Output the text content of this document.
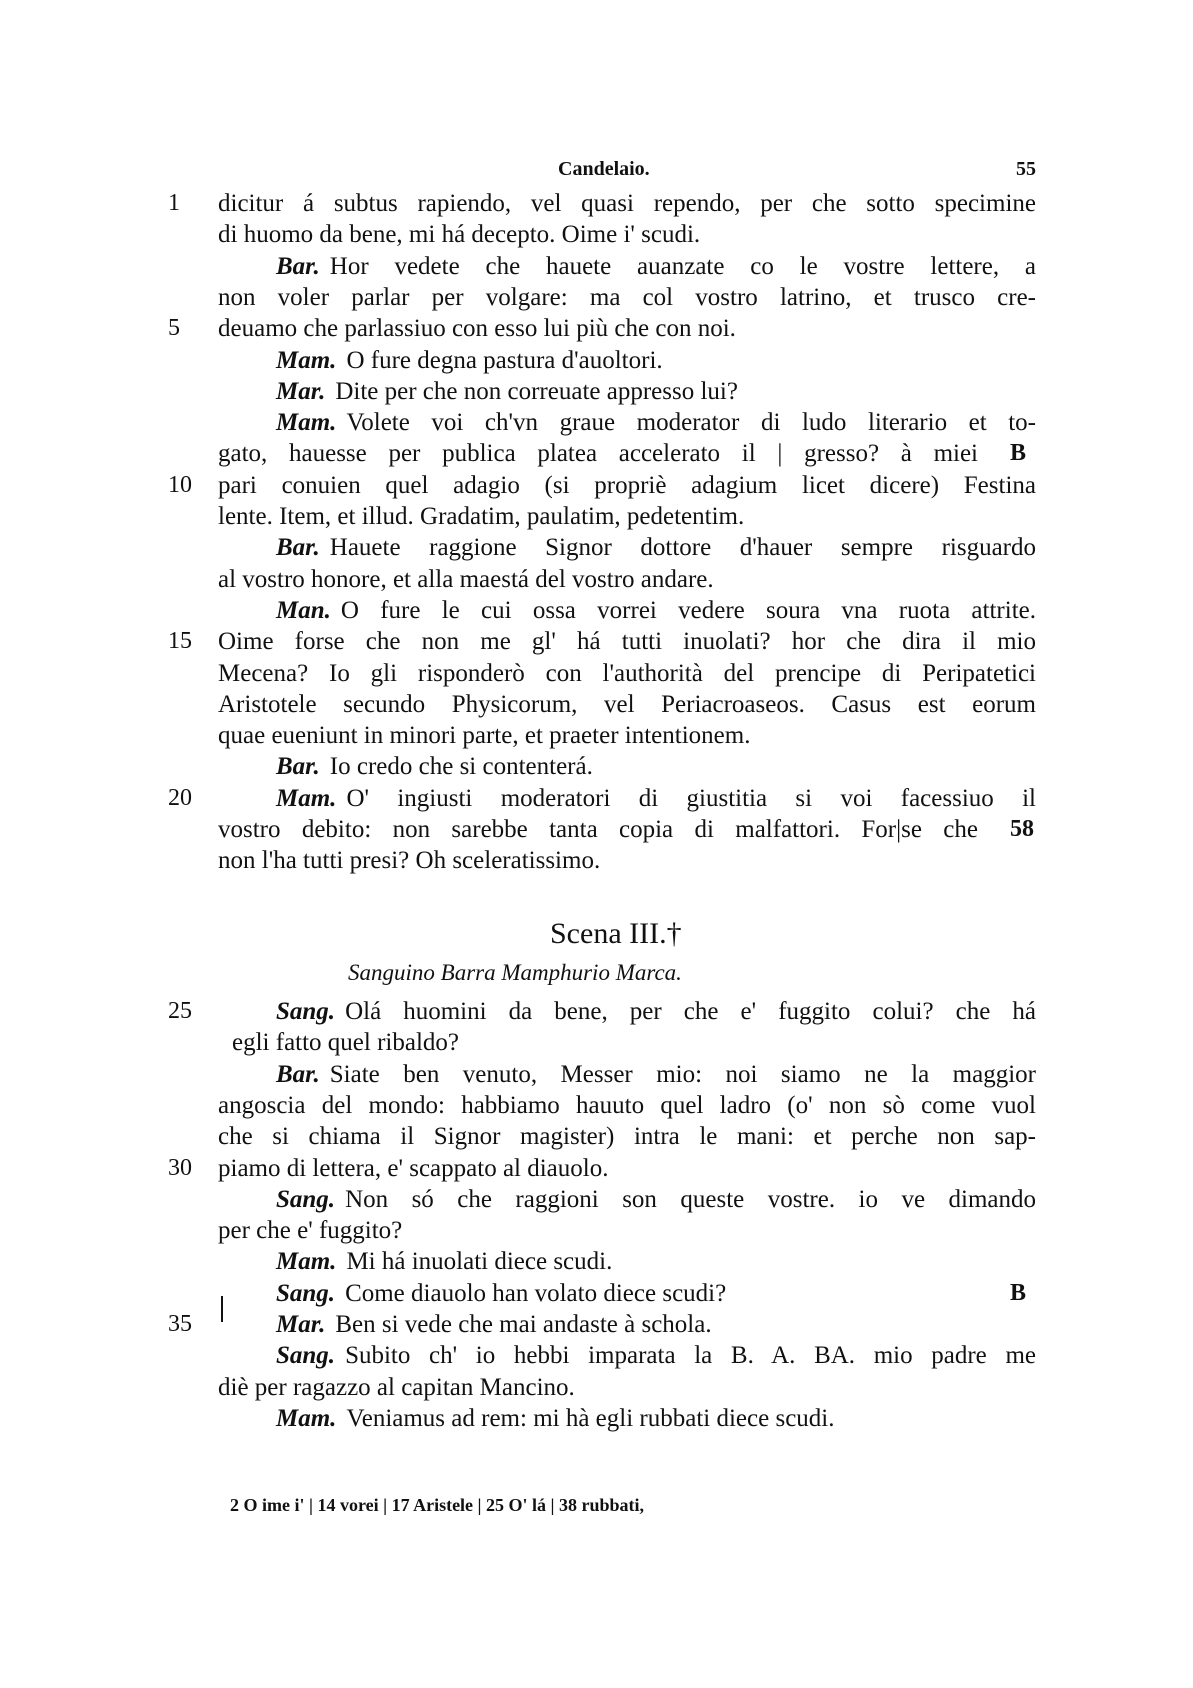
Candelaio.	55
1	dicitur á subtus rapiendo, vel quasi rependo, per che sotto specimine
di huomo da bene, mi há decepto. Oime i' scudi.
Bar. Hor vedete che hauete auanzate co le vostre lettere, a
non voler parlar per volgare: ma col vostro latrino, et trusco cre-
5	deuamo che parlassiuo con esso lui più che con noi.
Mam. O fure degna pastura d'auoltori.
Mar. Dite per che non correuate appresso lui?
Mam. Volete voi ch'vn graue moderator di ludo literario et to-
B
gato, hauesse per publica platea accelerato il | gresso? à miei
10	pari conuien quel adagio (si propriè adagium licet dicere) Festina
lente. Item, et illud. Gradatim, paulatim, pedetentim.
Bar. Hauete raggione Signor dottore d'hauer sempre risguardo
al vostro honore, et alla maestá del vostro andare.
Man. O fure le cui ossa vorrei vedere soura vna ruota attrite.
15	Oime forse che non me gl' há tutti inuolati? hor che dira il mio
Mecena? Io gli risponderò con l'authorità del prencipe di Peripatetici
Aristotele secundo Physicorum, vel Periacroaseos. Casus est eorum
quae eueniunt in minori parte, et praeter intentionem.
Bar. Io credo che si contenterá.
20	Mam. O' ingiusti moderatori di giustitia si voi facessiuo il
58
vostro debito: non sarebbe tanta copia di malfattori. For|se che
non l'ha tutti presi? Oh sceleratissimo.
Scena III.†
Sanguino Barra Mamphurio Marca.
25	Sang. Olá huomini da bene, per che e' fuggito colui? che há
egli fatto quel ribaldo?
Bar. Siate ben venuto, Messer mio: noi siamo ne la maggior
angoscia del mondo: habbiamo hauuto quel ladro (o' non sò come vuol
che si chiama il Signor magister) intra le mani: et perche non sap-
30	piamo di lettera, e' scappato al diauolo.
Sang. Non só che raggioni son queste vostre. io ve dimando
per che e' fuggito?
Mam. Mi há inuolati diece scudi.
B
Sang. Come diauolo han volato diece scudi?
35	Mar. Ben si vede che mai andaste à schola.
Sang. Subito ch' io hebbi imparata la B. A. BA. mio padre me
diè per ragazzo al capitan Mancino.
Mam. Veniamus ad rem: mi hà egli rubbati diece scudi.
2 O ime i' | 14 vorei | 17 Aristele | 25 O' lá | 38 rubbati,
